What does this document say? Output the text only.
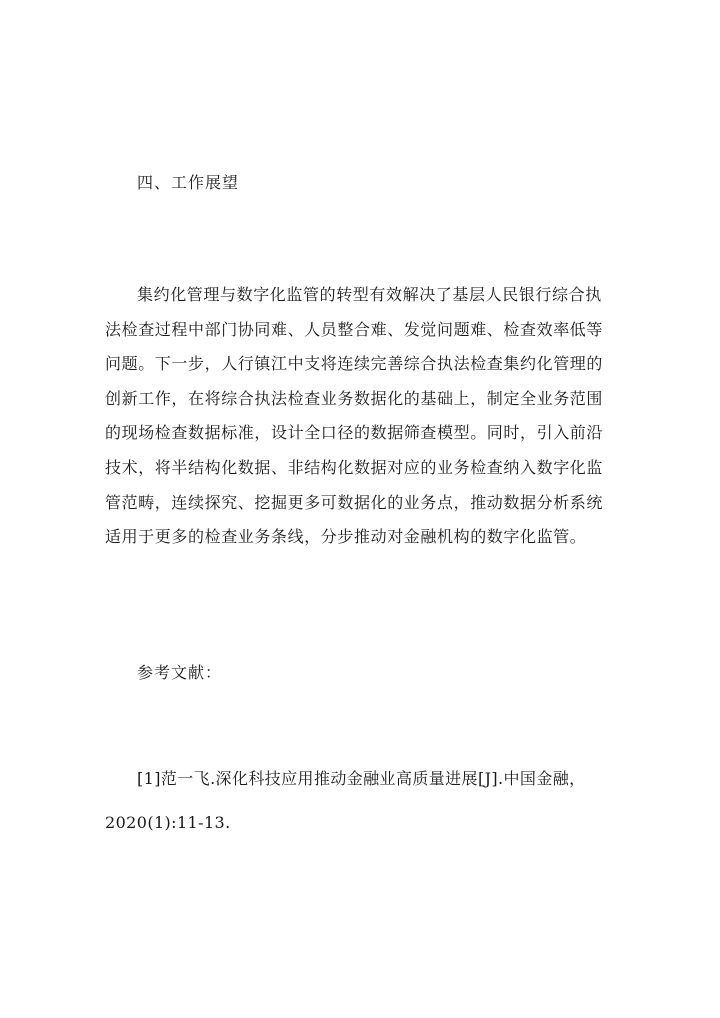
四、工作展望
集约化管理与数字化监管的转型有效解决了基层人民银行综合执
法检查过程中部门协同难、人员整合难、发觉问题难、检查效率低等
问题。下一步，人行镇江中支将连续完善综合执法检查集约化管理的
创新工作，在将综合执法检查业务数据化的基础上，制定全业务范围
的现场检查数据标准，设计全口径的数据筛查模型。同时，引入前沿
技术，将半结构化数据、非结构化数据对应的业务检查纳入数字化监
管范畴，连续探究、挖掘更多可数据化的业务点，推动数据分析系统
适用于更多的检查业务条线，分步推动对金融机构的数字化监管。
参考文献：
[1]范一飞.深化科技应用推动金融业高质量进展[J].中国金融，
2020(1):11-13.
